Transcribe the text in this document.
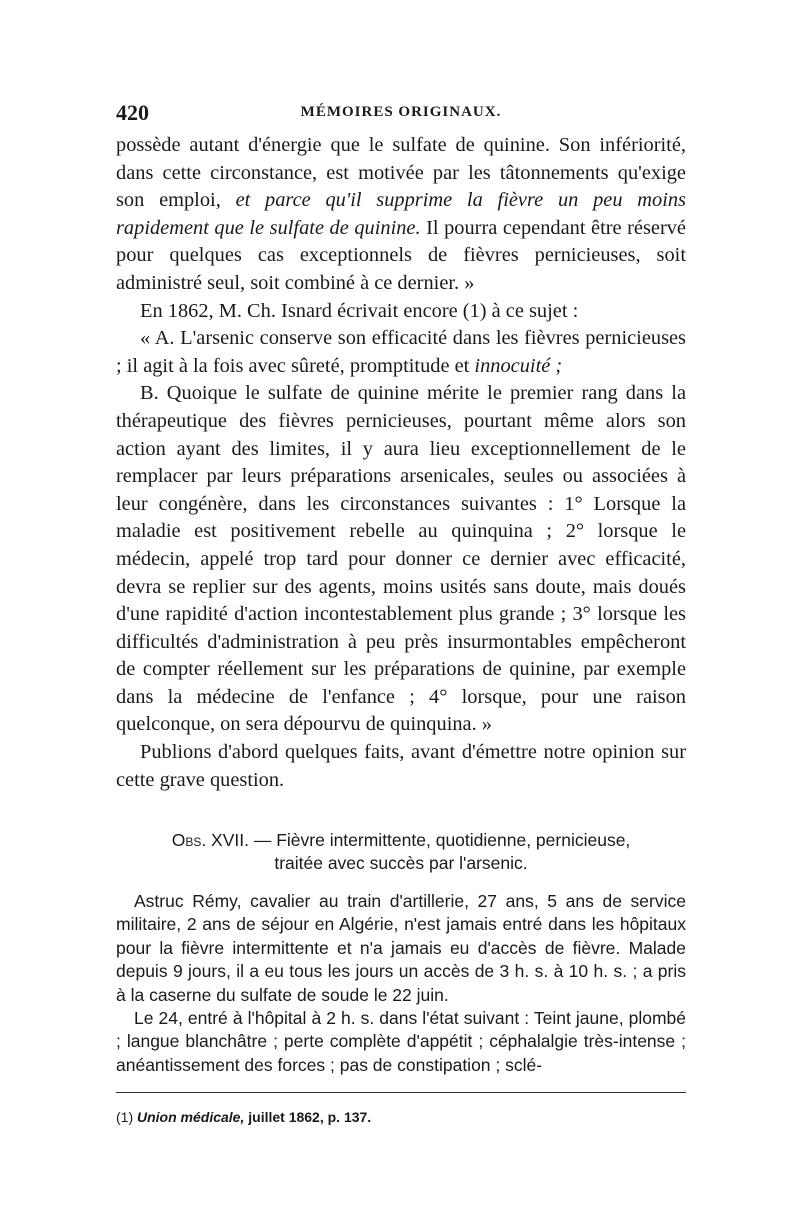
420	MÉMOIRES ORIGINAUX.

possède autant d'énergie que le sulfate de quinine. Son infériorité, dans cette circonstance, est motivée par les tâtonnements qu'exige son emploi, et parce qu'il supprime la fièvre un peu moins rapidement que le sulfate de quinine. Il pourra cependant être réservé pour quelques cas exceptionnels de fièvres pernicieuses, soit administré seul, soit combiné à ce dernier. »

En 1862, M. Ch. Isnard écrivait encore (1) à ce sujet :

« A. L'arsenic conserve son efficacité dans les fièvres pernicieuses ; il agit à la fois avec sûreté, promptitude et innocuité ;

B. Quoique le sulfate de quinine mérite le premier rang dans la thérapeutique des fièvres pernicieuses, pourtant même alors son action ayant des limites, il y aura lieu exceptionnellement de le remplacer par leurs préparations arsenicales, seules ou associées à leur congénère, dans les circonstances suivantes : 1° Lorsque la maladie est positivement rebelle au quinquina ; 2° lorsque le médecin, appelé trop tard pour donner ce dernier avec efficacité, devra se replier sur des agents, moins usités sans doute, mais doués d'une rapidité d'action incontestablement plus grande ; 3° lorsque les difficultés d'administration à peu près insurmontables empêcheront de compter réellement sur les préparations de quinine, par exemple dans la médecine de l'enfance ; 4° lorsque, pour une raison quelconque, on sera dépourvu de quinquina. »

Publions d'abord quelques faits, avant d'émettre notre opinion sur cette grave question.

Obs. XVII. — Fièvre intermittente, quotidienne, pernicieuse,
traitée avec succès par l'arsenic.

Astruc Rémy, cavalier au train d'artillerie, 27 ans, 5 ans de service militaire, 2 ans de séjour en Algérie, n'est jamais entré dans les hôpitaux pour la fièvre intermittente et n'a jamais eu d'accès de fièvre. Malade depuis 9 jours, il a eu tous les jours un accès de 3 h. s. à 10 h. s. ; a pris à la caserne du sulfate de soude le 22 juin.

Le 24, entré à l'hôpital à 2 h. s. dans l'état suivant : Teint jaune, plombé ; langue blanchâtre ; perte complète d'appétit ; céphalalgie très-intense ; anéantissement des forces ; pas de constipation ; sclé-

(1) Union médicale, juillet 1862, p. 137.
